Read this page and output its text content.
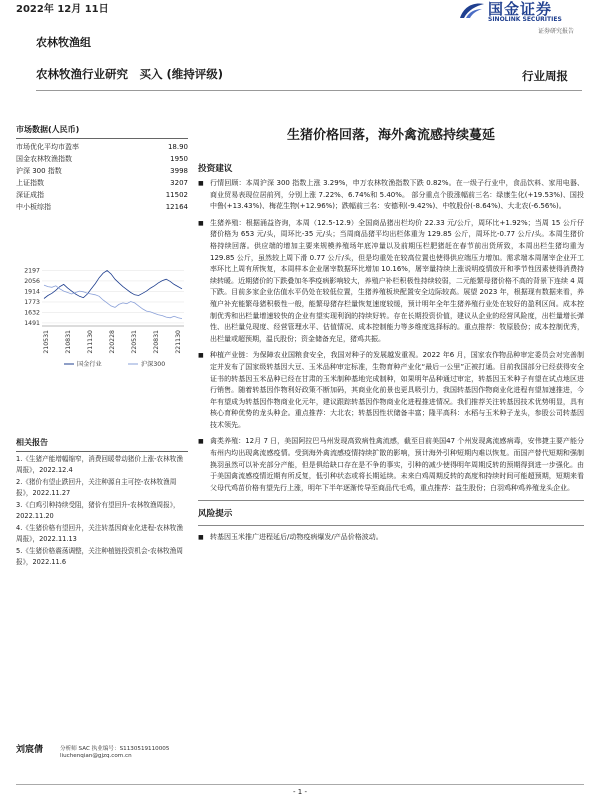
2022年 12月 11日	国金证券
SINOLINK SECURITIES
证券研究报告
农林牧渔组
农林牧渔行业研究　买入 (维持评级)	行业周报
市场数据(人民币)
市场优化平均市盈率	18.90
国金农林牧渔指数	1950
沪深 300 指数	3998
上证指数	3207
深证成指	11502
中小板综指	12164
2197
2056
1914
1773
1632
1491
210531 210831 211130 220228 220531 220831 221130
国金行业	沪深300
相关报告
1.《生猪产能增幅缩窄，消费回暖带动猪价上涨-农林牧渔周报》，2022.12.4
2.《猪价有望止跌回升，关注种源自主可控-农林牧渔周报》，2022.11.27
3.《白鸡引种持续受阻，猪价有望回升-农林牧渔周报》，2022.11.20
4.《生猪价格有望回升，关注转基因商业化进程-农林牧渔周报》，2022.11.13
5.《生猪价格震荡调整，关注种植链投资机会-农林牧渔周报》，2022.11.6
刘宸倩	分析师 SAC 执业编号：S1130519110005
liuchenqian@gjzq.com.cn
生猪价格回落，海外禽流感持续蔓延
投资建议
■ 行情回顾：本周沪深 300 指数上涨 3.29%，申万农林牧渔指数下跌 0.82%。在一级子行业中，食品饮料、家用电器、商业贸易表现位居前列，分别上涨 7.22%、6.74%和 5.40%。 部分重点个股涨幅前三名：绿康生化(+19.53%)、国投中鲁(+13.43%)、梅花生物(+12.96%)；跌幅前三名：安德利(-9.42%)、中牧股份(-8.64%)、大北农(-6.56%)。
■ 生猪养殖：根据涌益咨询，本周（12.5-12.9）全国商品猪出栏均价 22.33 元/公斤，周环比+1.92%；当周 15 公斤仔猪价格为 653 元/头，周环比-35 元/头；当周商品猪平均出栏体重为 129.85 公斤，周环比-0.77 公斤/头。本周生猪价格持续回落。供应端的增加主要来规模养殖场年底冲量以及前期压栏肥猪赶在春节前出货所致，本周出栏生猪均重为 129.85 公斤，虽然较上周下滑 0.77 公斤/头，但是均重处在较高位置也使得供应端压力增加。需求端本周屠宰企业开工率环比上周有所恢复，本周样本企业屠宰数据环比增加 10.16%，屠宰量持续上涨说明疫情放开和季节性因素使得消费持续转暖。近期猪价的下跌叠加冬季疫病影响较大，养殖户补栏积极性持续较弱，二元能繁母猪价格不高的背景下连续 4 周下跌。目前多家企业估值水平仍处在较低位置，生猪养殖板块配置安全边际较高。展望 2023 年，根据现有数据来看，养殖户补充能繁母猪积极性一般，能繁母猪存栏量恢复速度较缓，预计明年全年生猪养殖行业处在较好的盈利区间。成本控制优秀和出栏量增速较快的企业有望实现利润的持续好转。存在长期投资价值，建议从企业的经营风险度，出栏量增长弹性、出栏量兑现度、经营管理水平、估值情况、成本控制能力等多维度选择标的。重点推荐：牧原股份；成本控制优秀，出栏量或超预期，温氏股份；资金储备充足，猪鸡共振。
■ 种植产业链：为保障农业国粮食安全，我国对种子的发展越发重视。2022 年6 月，国家农作物品种审定委员会对完善制定并发布了国家级转基因大豆、玉米品种审定标准，生物育种产业化“最后一公里”正被打通。目前我国部分已经获得安全证书的转基因玉米品种已经在甘肃的玉米制种基地完成制种，如果明年品种通过审定，转基因玉米种子有望在试点地区进行销售。随着转基因作物利好政策不断加码，其商业化前景也更具吸引力，我国转基因作物商业化进程有望加速推进，今年有望成为转基因作物商业化元年，建议跟踪转基因作物商业化进程推进情况。我们推荐关注转基因技术优势明显，具有核心育种优势的龙头种企。重点推荐：大北农；转基因性状储备丰富；隆平高科：水稻与玉米种子龙头，参股公司转基因技术领先。
■ 禽类养殖：12月 7 日，美国阿拉巴马州发现高致病性禽流感，截至目前美国47 个州发现禽流感病毒，安伟捷主要产能分布州内均出现禽流感疫情。受到海外禽流感疫情持续扩散的影响，预计海外引种短期内难以恢复。而国产替代短期和强制换羽虽然可以补充部分产能，但是俱给缺口存在是不争的事实，引种的减少使得明年周期反转的预期得到进一步强化。由于美国禽流感疫情近期有所反复，低引种状态或将长期延续。未来白鸡周期反转的高度和持续时间可能超预期，短期来看父母代鸡苗价格有望先行上涨，明年下半年逐渐传导至商品代毛鸡，重点推荐：益生股份；白羽鸡种鸡养殖龙头企业。
风险提示
■ 转基因玉米推广进程延后/动物疫病爆发/产品价格波动。
- 1 -
